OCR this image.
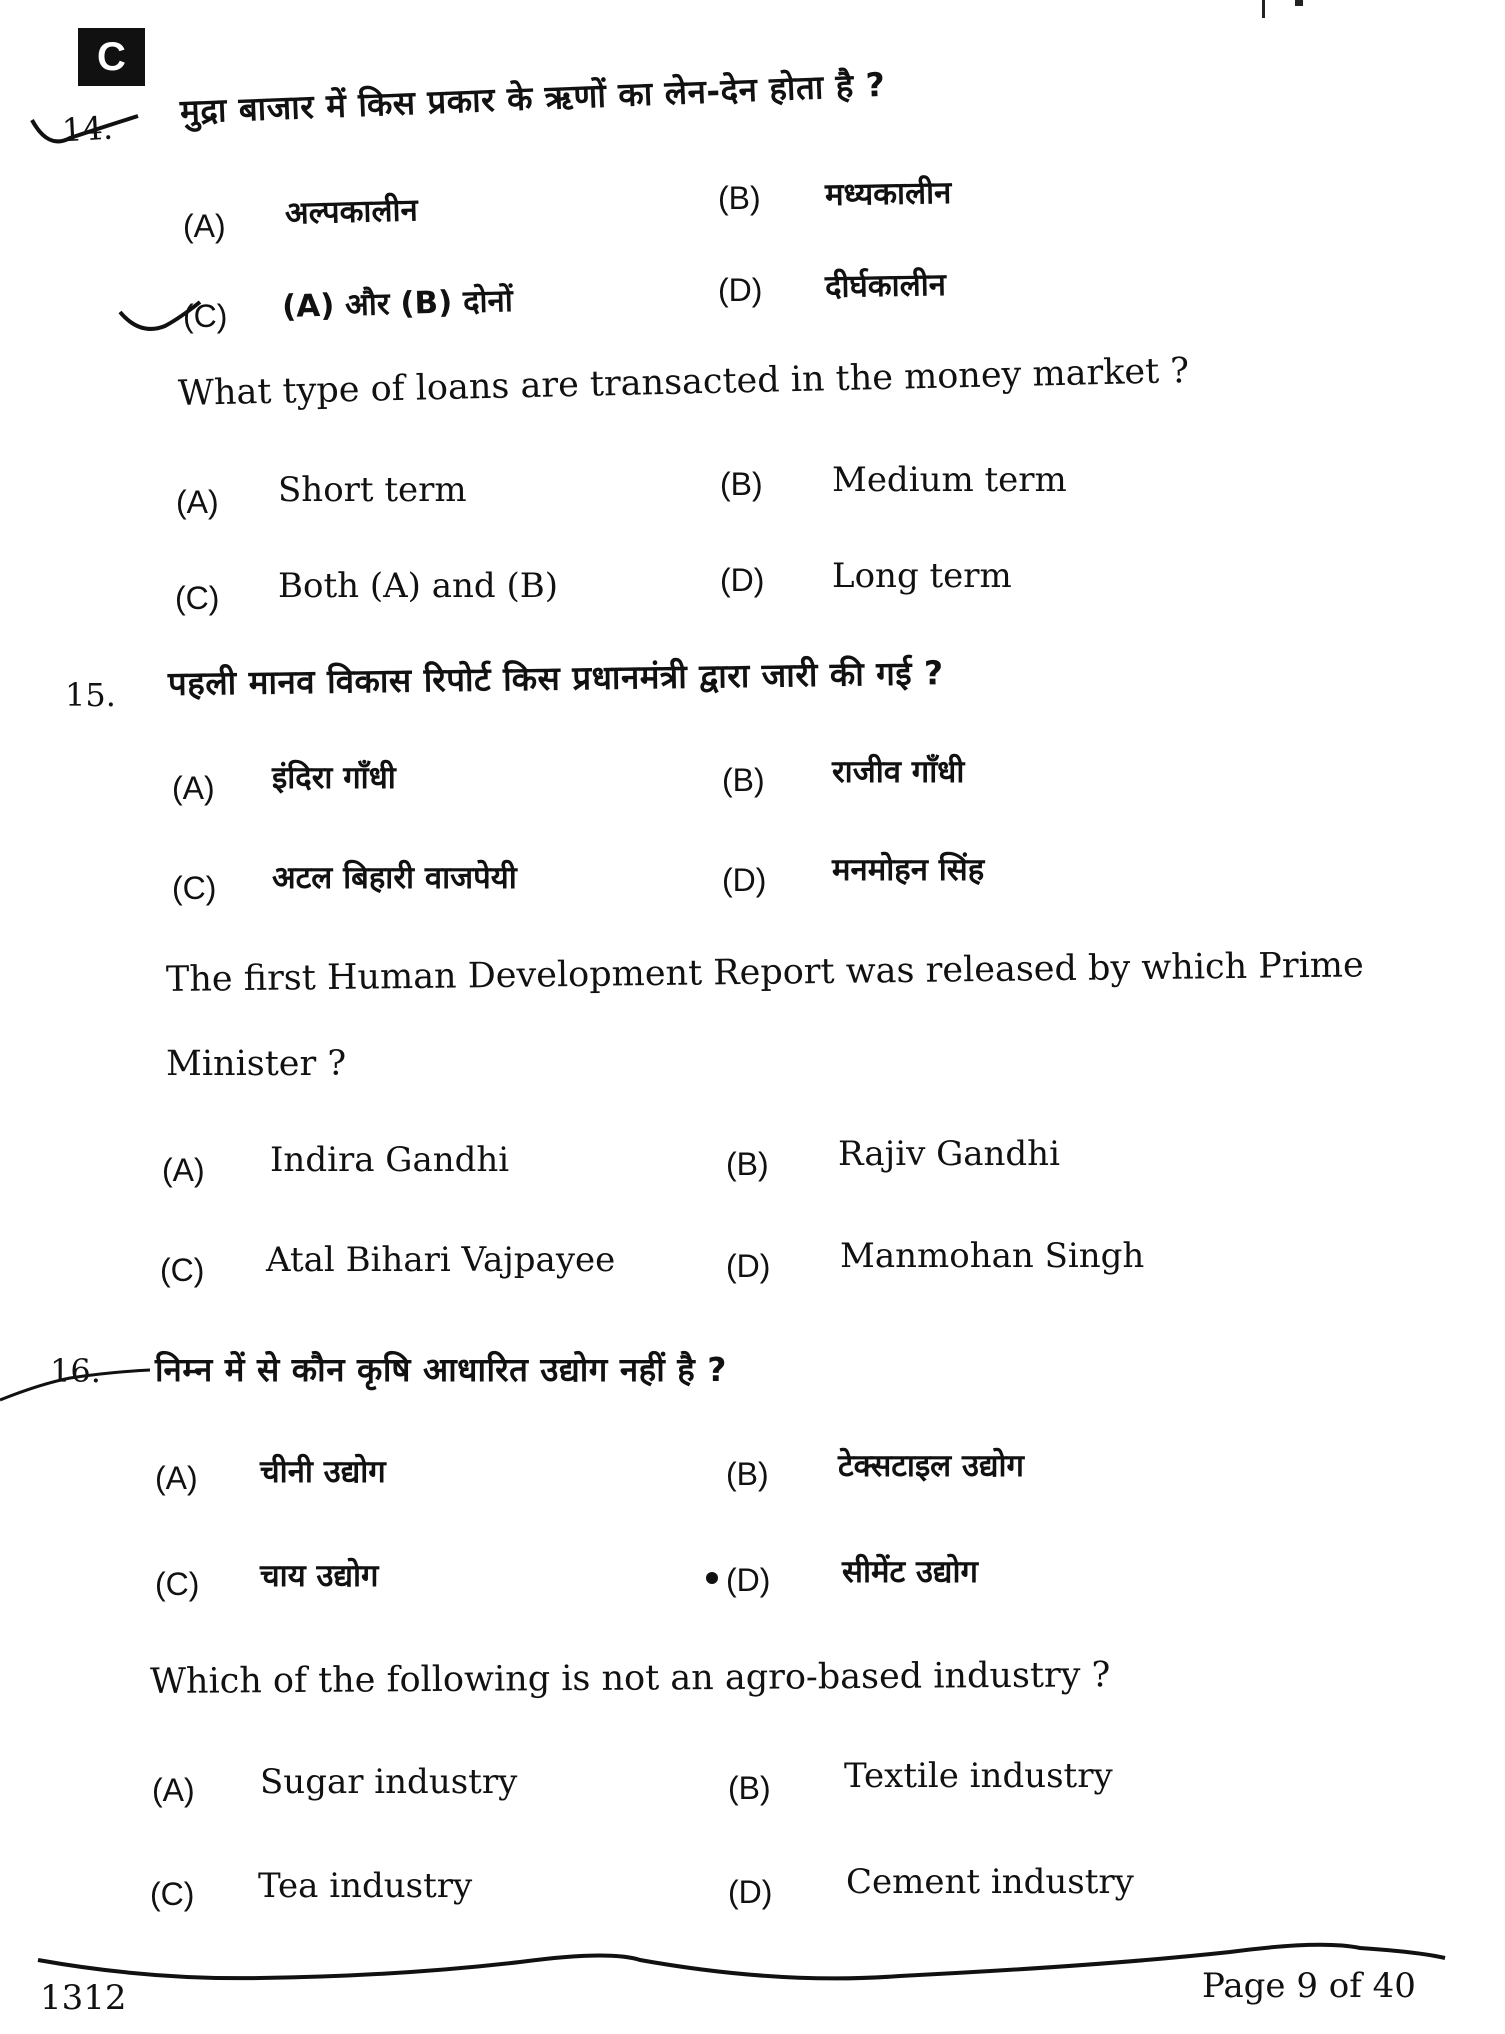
C
14. मुद्रा बाजार में किस प्रकार के ऋणों का लेन-देन होता है ?
(A) अल्पकालीन	(B) मध्यकालीन
(C) (A) और (B) दोनों	(D) दीर्घकालीन
What type of loans are transacted in the money market ?
(A) Short term	(B) Medium term
(C) Both (A) and (B)	(D) Long term
15. पहली मानव विकास रिपोर्ट किस प्रधानमंत्री द्वारा जारी की गई ?
(A) इंदिरा गाँधी	(B) राजीव गाँधी
(C) अटल बिहारी वाजपेयी	(D) मनमोहन सिंह
The first Human Development Report was released by which Prime
Minister ?
(A) Indira Gandhi	(B) Rajiv Gandhi
(C) Atal Bihari Vajpayee	(D) Manmohan Singh
16. निम्न में से कौन कृषि आधारित उद्योग नहीं है ?
(A) चीनी उद्योग	(B) टेक्सटाइल उद्योग
(C) चाय उद्योग	(D) सीमेंट उद्योग
Which of the following is not an agro-based industry ?
(A) Sugar industry	(B) Textile industry
(C) Tea industry	(D) Cement industry
1312	Page 9 of 40
